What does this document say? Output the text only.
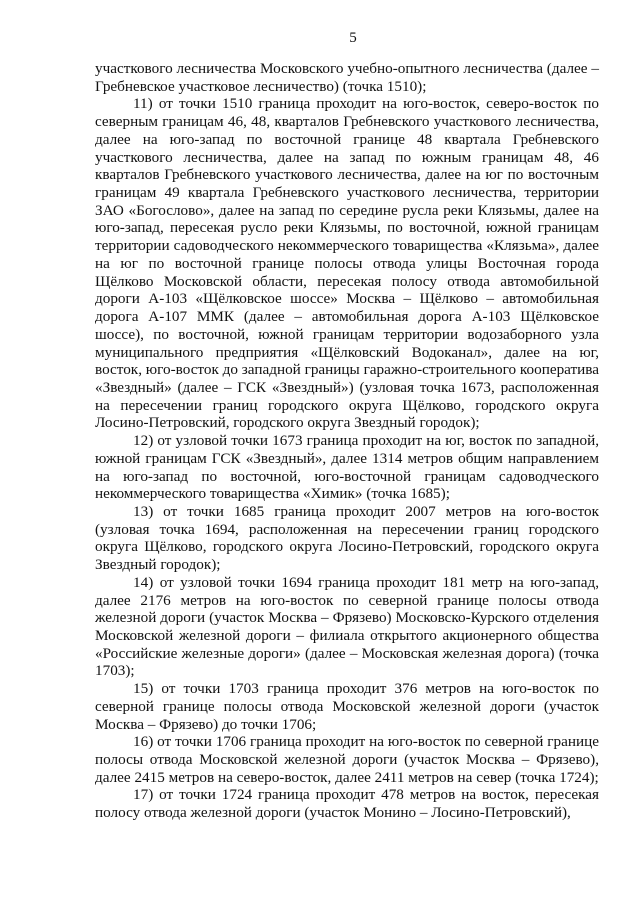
5

участкового лесничества Московского учебно-опытного лесничества (далее – Гребневское участковое лесничество) (точка 1510);

11) от точки 1510 граница проходит на юго-восток, северо-восток по северным границам 46, 48, кварталов Гребневского участкового лесничества, далее на юго-запад по восточной границе 48 квартала Гребневского участкового лесничества, далее на запад по южным границам 48, 46 кварталов Гребневского участкового лесничества, далее на юг по восточным границам 49 квартала Гребневского участкового лесничества, территории ЗАО «Богослово», далее на запад по середине русла реки Клязьмы, далее на юго-запад, пересекая русло реки Клязьмы, по восточной, южной границам территории садоводческого некоммерческого товарищества «Клязьма», далее на юг по восточной границе полосы отвода улицы Восточная города Щёлково Московской области, пересекая полосу отвода автомобильной дороги А-103 «Щёлковское шоссе» Москва – Щёлково – автомобильная дорога А-107 ММК (далее – автомобильная дорога А-103 Щёлковское шоссе), по восточной, южной границам территории водозаборного узла муниципального предприятия «Щёлковский Водоканал», далее на юг, восток, юго-восток до западной границы гаражно-строительного кооператива «Звездный» (далее – ГСК «Звездный») (узловая точка 1673, расположенная на пересечении границ городского округа Щёлково, городского округа Лосино-Петровский, городского округа Звездный городок);

12) от узловой точки 1673 граница проходит на юг, восток по западной, южной границам ГСК «Звездный», далее 1314 метров общим направлением на юго-запад по восточной, юго-восточной границам садоводческого некоммерческого товарищества «Химик» (точка 1685);

13) от точки 1685 граница проходит 2007 метров на юго-восток (узловая точка 1694, расположенная на пересечении границ городского округа Щёлково, городского округа Лосино-Петровский, городского округа Звездный городок);

14) от узловой точки 1694 граница проходит 181 метр на юго-запад, далее 2176 метров на юго-восток по северной границе полосы отвода железной дороги (участок Москва – Фрязево) Московско-Курского отделения Московской железной дороги – филиала открытого акционерного общества «Российские железные дороги» (далее – Московская железная дорога) (точка 1703);

15) от точки 1703 граница проходит 376 метров на юго-восток по северной границе полосы отвода Московской железной дороги (участок Москва – Фрязево) до точки 1706;

16) от точки 1706 граница проходит на юго-восток по северной границе полосы отвода Московской железной дороги (участок Москва – Фрязево), далее 2415 метров на северо-восток, далее 2411 метров на север (точка 1724);

17) от точки 1724 граница проходит 478 метров на восток, пересекая полосу отвода железной дороги (участок Монино – Лосино-Петровский),
